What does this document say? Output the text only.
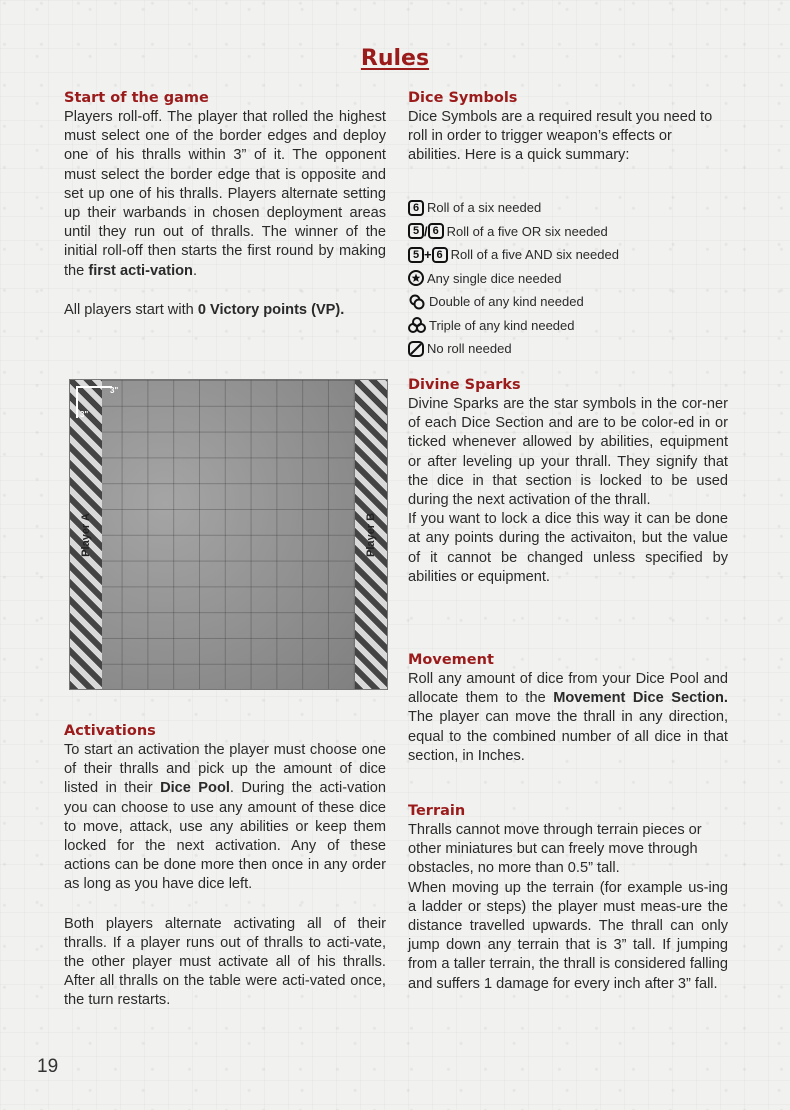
Rules
Start of the game

Players roll-off. The player that rolled the highest must select one of the border edges and deploy one of his thralls within 3” of it. The opponent must select the border edge that is opposite and set up one of his thralls. Players alternate setting up their warbands in chosen deployment areas until they run out of thralls. The winner of the initial roll-off then starts the first round by making the first acti-vation.

All players start with 0 Victory points (VP).

3"
3"
Player A	Player B
Activations

To start an activation the player must choose one of their thralls and pick up the amount of dice listed in their Dice Pool. During the acti-vation you can choose to use any amount of these dice to move, attack, use any abilities or keep them locked for the next activation. Any of these actions can be done more then once in any order as long as you have dice left.

Both players alternate activating all of their thralls. If a player runs out of thralls to acti-vate, the other player must activate all of his thralls. After all thralls on the table were acti-vated once, the turn restarts.

Dice Symbols

Dice Symbols are a required result you need to roll in order to trigger weapon’s effects or abilities. Here is a quick summary:

6 Roll of a six needed
5 / 6 Roll of a five OR six needed
5 + 6 Roll of a five AND six needed
Any single dice needed
Double of any kind needed
Triple of any kind needed
No roll needed
Divine Sparks

Divine Sparks are the star symbols in the cor-ner of each Dice Section and are to be color-ed in or ticked whenever allowed by abilities, equipment or after leveling up your thrall. They signify that the dice in that section is locked to be used during the next activation of the thrall.

If you want to lock a dice this way it can be done at any points during the activaiton, but the value of it cannot be changed unless specified by abilities or equipment.

Movement

Roll any amount of dice from your Dice Pool and allocate them to the Movement Dice Section. The player can move the thrall in any direction, equal to the combined number of all dice in that section, in Inches.

Terrain

Thralls cannot move through terrain pieces or other miniatures but can freely move through obstacles, no more than 0.5” tall.

When moving up the terrain (for example us-ing a ladder or steps) the player must meas-ure the distance travelled upwards. The thrall can only jump down any terrain that is 3” tall. If jumping from a taller terrain, the thrall is considered falling and suffers 1 damage for every inch after 3” fall.

19
